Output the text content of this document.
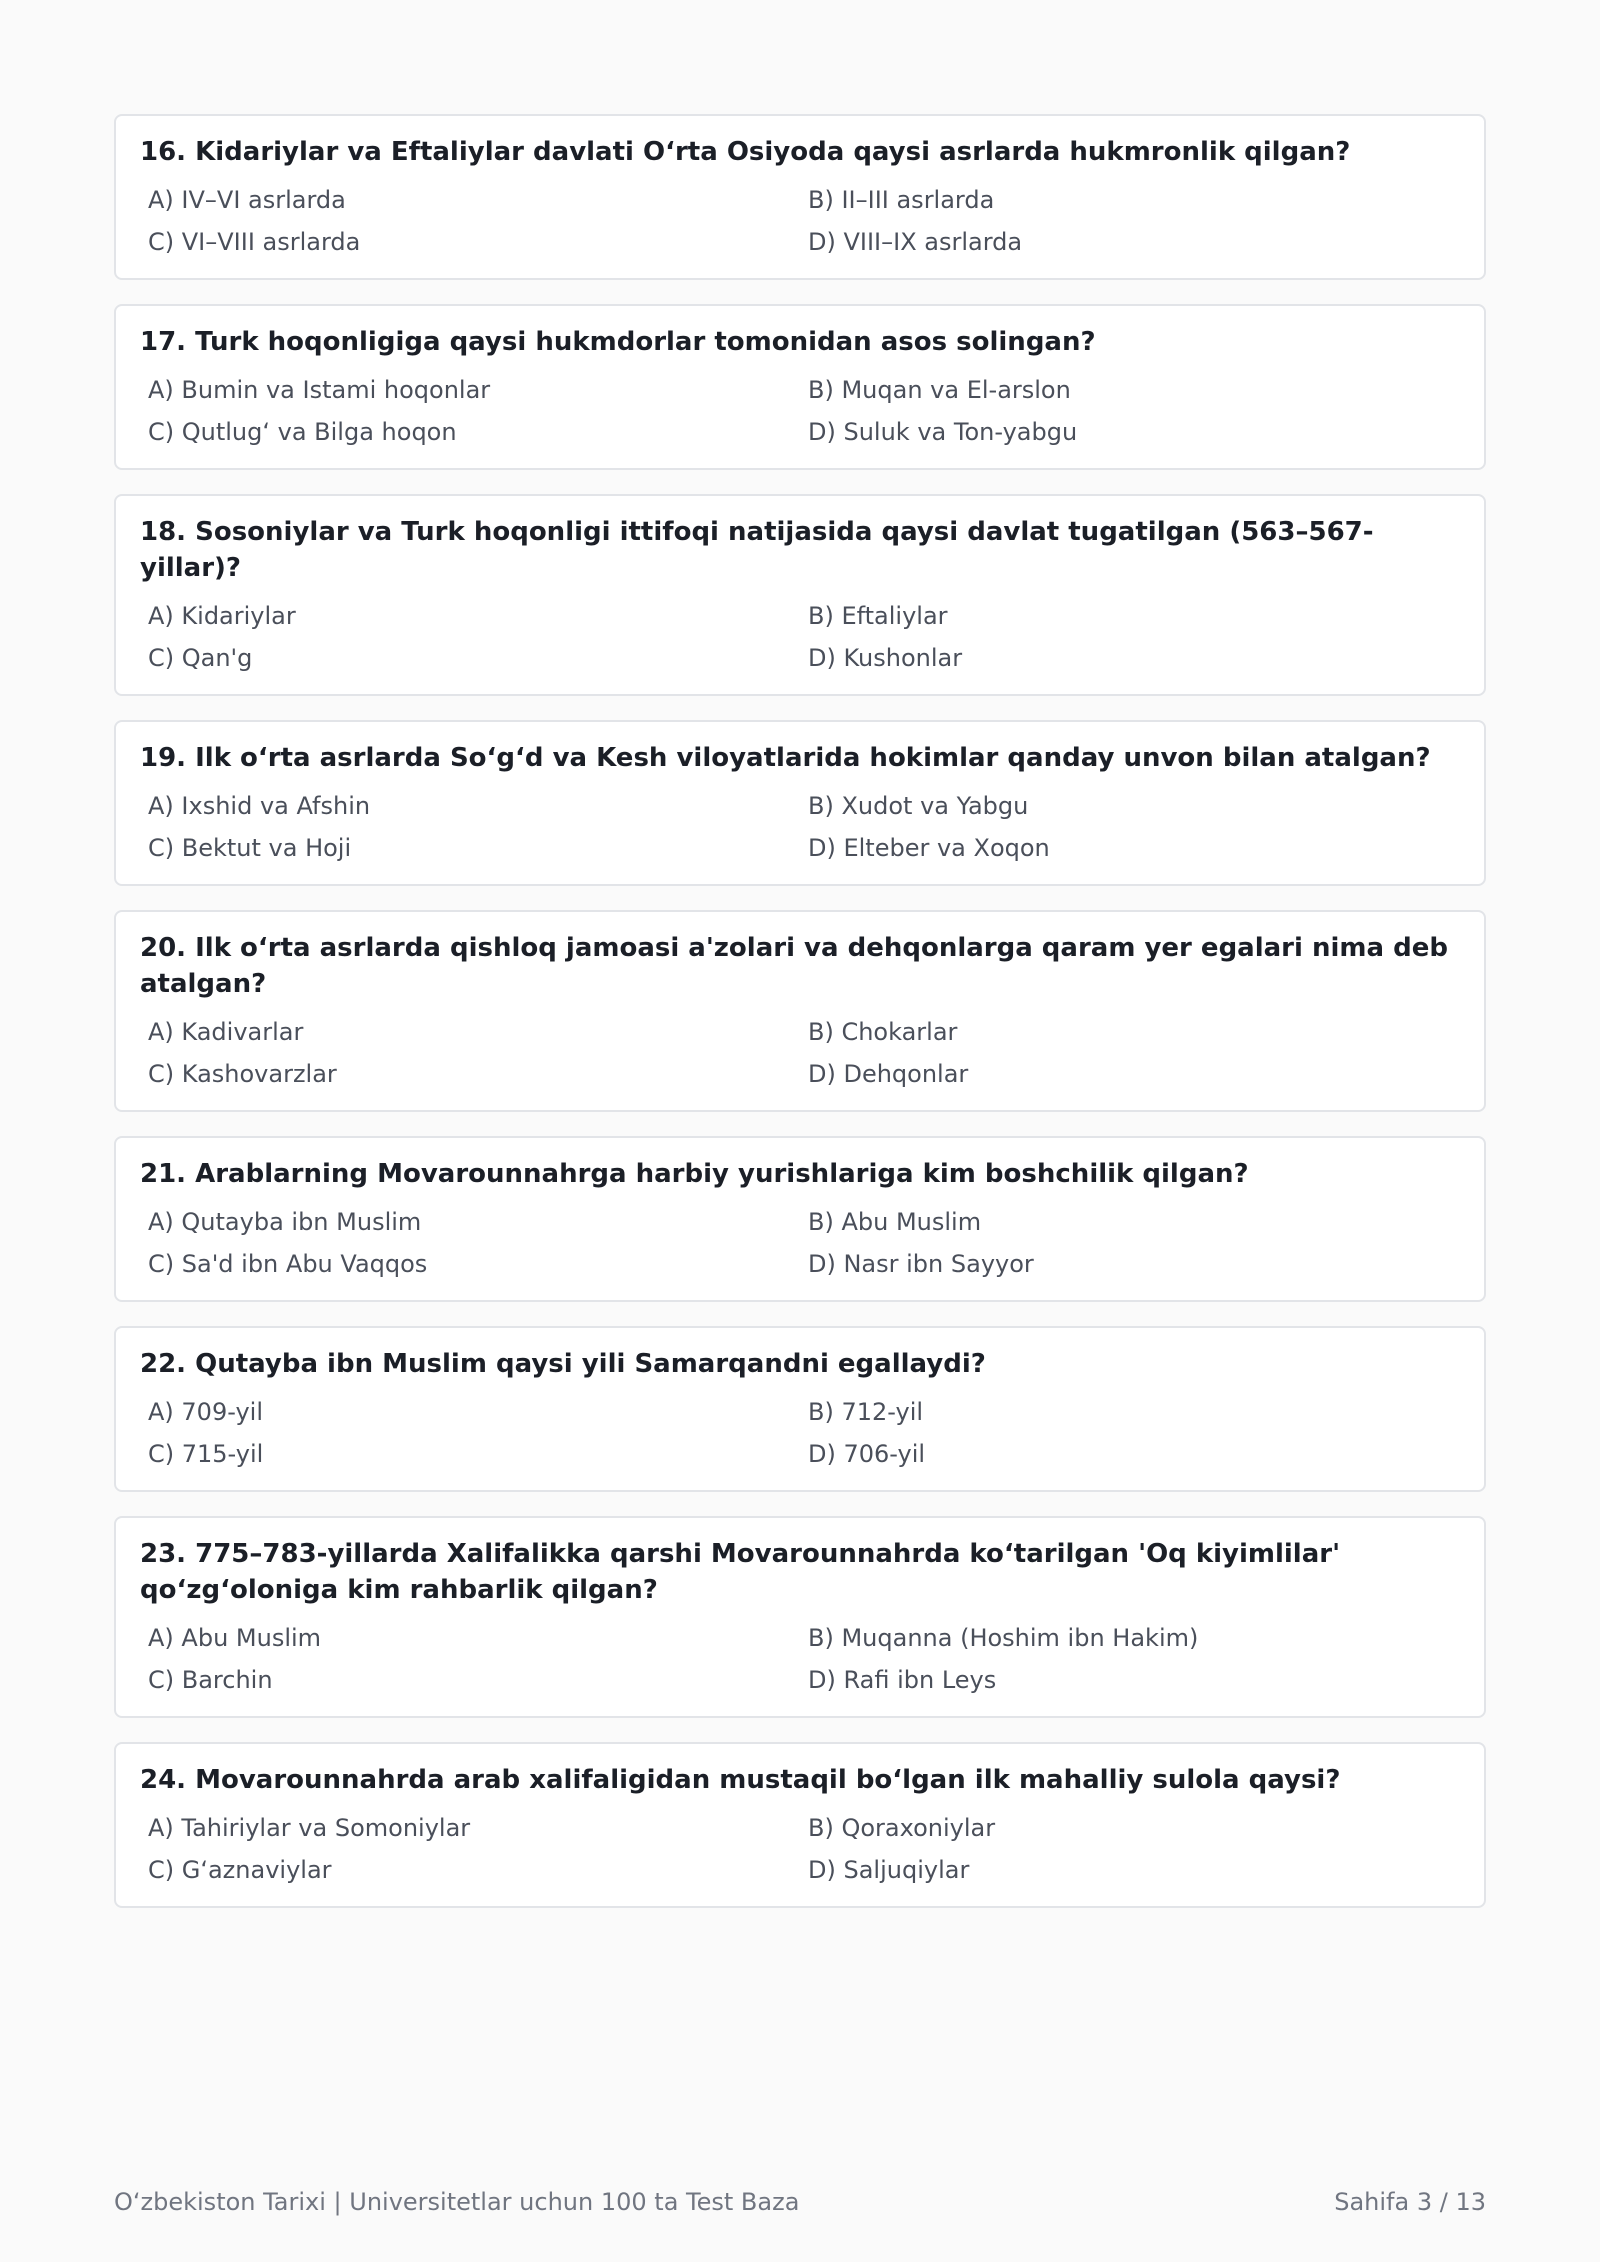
16. Kidariylar va Eftaliylar davlati O‘rta Osiyoda qaysi asrlarda hukmronlik qilgan?
A) IV–VI asrlarda	B) II–III asrlarda
C) VI–VIII asrlarda	D) VIII–IX asrlarda
17. Turk hoqonligiga qaysi hukmdorlar tomonidan asos solingan?
A) Bumin va Istami hoqonlar	B) Muqan va El-arslon
C) Qutlug‘ va Bilga hoqon	D) Suluk va Ton-yabgu
18. Sosoniylar va Turk hoqonligi ittifoqi natijasida qaysi davlat tugatilgan (563–567-yillar)?
A) Kidariylar	B) Eftaliylar
C) Qan'g	D) Kushonlar
19. Ilk o‘rta asrlarda So‘g‘d va Kesh viloyatlarida hokimlar qanday unvon bilan atalgan?
A) Ixshid va Afshin	B) Xudot va Yabgu
C) Bektut va Hoji	D) Elteber va Xoqon
20. Ilk o‘rta asrlarda qishloq jamoasi a'zolari va dehqonlarga qaram yer egalari nima deb atalgan?
A) Kadivarlar	B) Chokarlar
C) Kashovarzlar	D) Dehqonlar
21. Arablarning Movarounnahrga harbiy yurishlariga kim boshchilik qilgan?
A) Qutayba ibn Muslim	B) Abu Muslim
C) Sa'd ibn Abu Vaqqos	D) Nasr ibn Sayyor
22. Qutayba ibn Muslim qaysi yili Samarqandni egallaydi?
A) 709-yil	B) 712-yil
C) 715-yil	D) 706-yil
23. 775–783-yillarda Xalifalikka qarshi Movarounnahrda ko‘tarilgan 'Oq kiyimlilar' qo‘zg‘oloniga kim rahbarlik qilgan?
A) Abu Muslim	B) Muqanna (Hoshim ibn Hakim)
C) Barchin	D) Rafi ibn Leys
24. Movarounnahrda arab xalifaligidan mustaqil bo‘lgan ilk mahalliy sulola qaysi?
A) Tahiriylar va Somoniylar	B) Qoraxoniylar
C) G‘aznaviylar	D) Saljuqiylar
O‘zbekiston Tarixi | Universitetlar uchun 100 ta Test Baza	Sahifa 3 / 13
